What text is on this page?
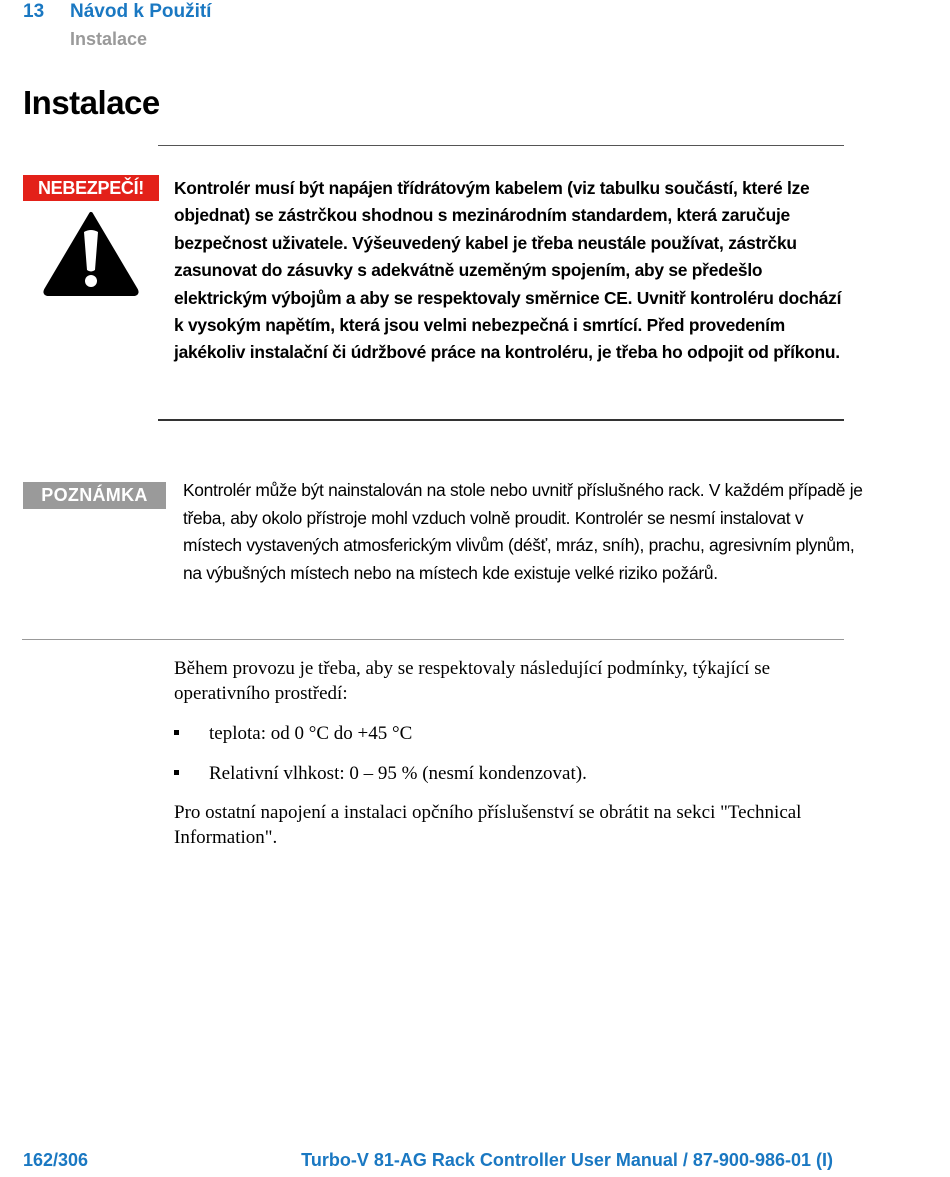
13 Návod k Použití
Instalace
Instalace
NEBEZPEČÍ!	Kontrolér musí být napájen třídrátovým kabelem (viz tabulku součástí, které lze objednat) se zástrčkou shodnou s mezinárodním standardem, která zaručuje bezpečnost uživatele. Výšeuvedený kabel je třeba neustále používat, zástrčku zasunovat do zásuvky s adekvátně uzeměným spojením, aby se předešlo elektrickým výbojům a aby se respektovaly směrnice CE. Uvnitř kontroléru dochází k vysokým napětím, která jsou velmi nebezpečná i smrtící. Před provedením jakékoliv instalační či údržbové práce na kontroléru, je třeba ho odpojit od příkonu.
POZNÁMKA	Kontrolér může být nainstalován na stole nebo uvnitř příslušného rack. V každém případě je třeba, aby okolo přístroje mohl vzduch volně proudit. Kontrolér se nesmí instalovat v místech vystavených atmosferickým vlivům (déšť, mráz, sníh), prachu, agresivním plynům, na výbušných místech nebo na místech kde existuje velké riziko požárů.
Během provozu je třeba, aby se respektovaly následující podmínky, týkající se operativního prostředí:
teplota: od 0 °C do +45 °C
Relativní vlhkost: 0 – 95 % (nesmí kondenzovat).
Pro ostatní napojení a instalaci opčního příslušenství se obrátit na sekci "Technical Information".
162/306	Turbo-V 81-AG Rack Controller User Manual / 87-900-986-01 (I)
